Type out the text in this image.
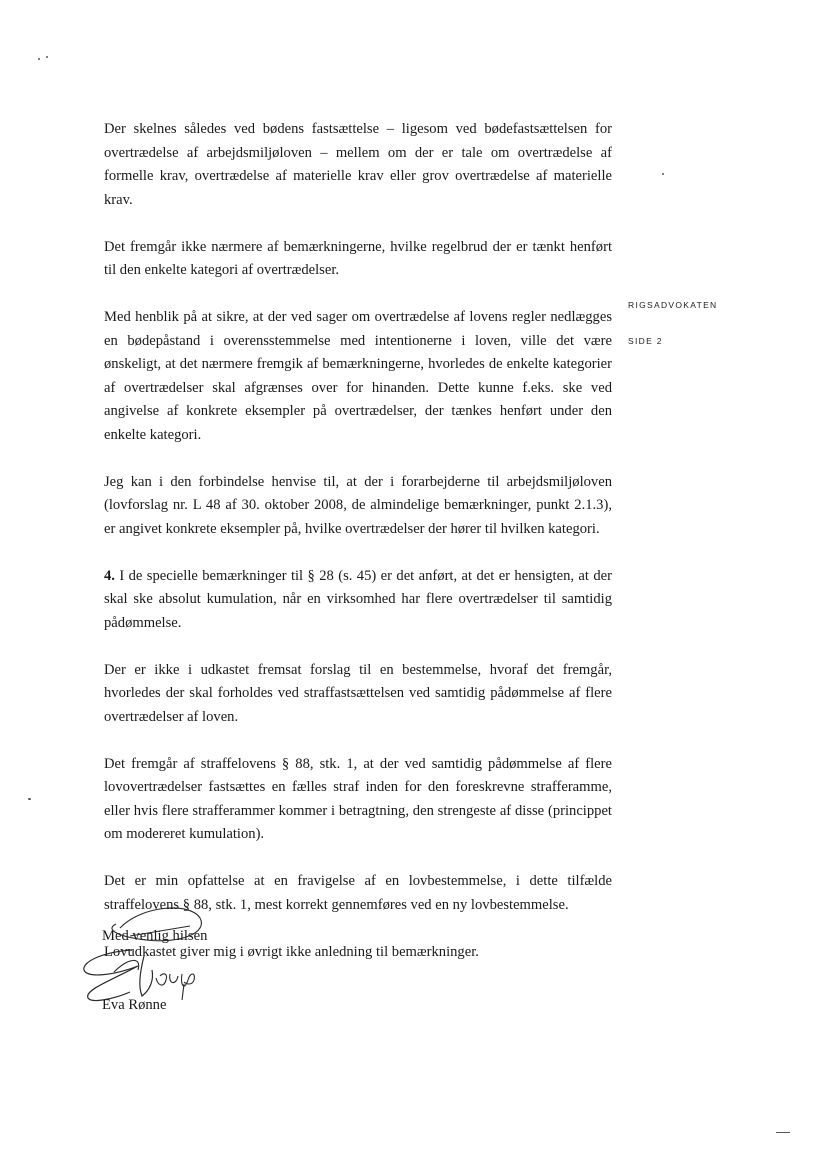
Der skelnes således ved bødens fastsættelse – ligesom ved bødefastsættelsen for overtrædelse af arbejdsmiljøloven – mellem om der er tale om overtrædelse af formelle krav, overtrædelse af materielle krav eller grov overtrædelse af materielle krav.

Det fremgår ikke nærmere af bemærkningerne, hvilke regelbrud der er tænkt henført til den enkelte kategori af overtrædelser.

Med henblik på at sikre, at der ved sager om overtrædelse af lovens regler nedlægges en bødepåstand i overensstemmelse med intentionerne i loven, ville det være ønskeligt, at det nærmere fremgik af bemærkningerne, hvorledes de enkelte kategorier af overtrædelser skal afgrænses over for hinanden. Dette kunne f.eks. ske ved angivelse af konkrete eksempler på overtrædelser, der tænkes henført under den enkelte kategori.

Jeg kan i den forbindelse henvise til, at der i forarbejderne til arbejdsmiljøloven (lovforslag nr. L 48 af 30. oktober 2008, de almindelige bemærkninger, punkt 2.1.3), er angivet konkrete eksempler på, hvilke overtrædelser der hører til hvilken kategori.

4. I de specielle bemærkninger til § 28 (s. 45) er det anført, at det er hensigten, at der skal ske absolut kumulation, når en virksomhed har flere overtrædelser til samtidig pådømmelse.

Der er ikke i udkastet fremsat forslag til en bestemmelse, hvoraf det fremgår, hvorledes der skal forholdes ved straffastsættelsen ved samtidig pådømmelse af flere overtrædelser af loven.

Det fremgår af straffelovens § 88, stk. 1, at der ved samtidig pådømmelse af flere lovovertrædelser fastsættes en fælles straf inden for den foreskrevne strafferamme, eller hvis flere strafferammer kommer i betragtning, den strengeste af disse (princippet om modereret kumulation).

Det er min opfattelse at en fravigelse af en lovbestemmelse, i dette tilfælde straffelovens § 88, stk. 1, mest korrekt gennemføres ved en ny lovbestemmelse.

Lovudkastet giver mig i øvrigt ikke anledning til bemærkninger.

RIGSADVOKATEN
SIDE 2
Med venlig hilsen
Eva Rønne
